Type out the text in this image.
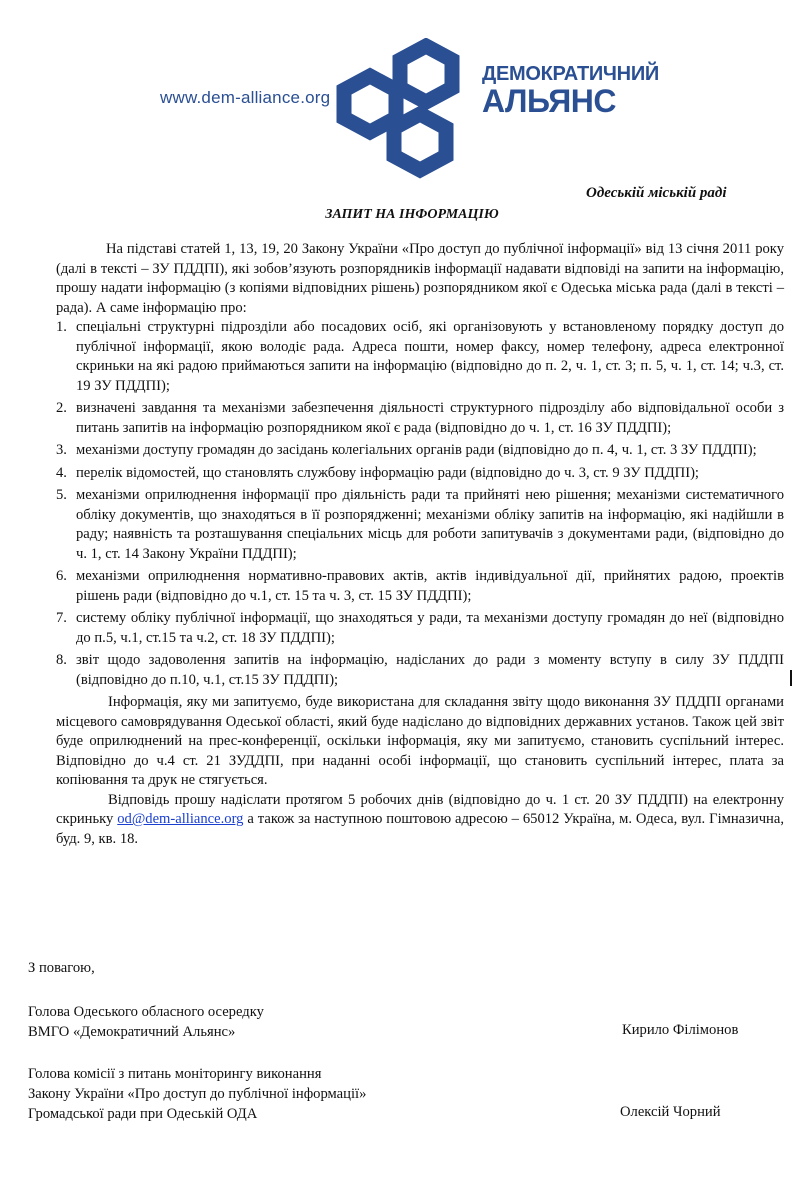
www.dem-alliance.org
ДЕМОКРАТИЧНИЙ
АЛЬЯНС
Одеській міській раді
ЗАПИТ НА ІНФОРМАЦІЮ

На підставі статей 1, 13, 19, 20 Закону України «Про доступ до публічної інформації» від 13 січня 2011 року (далі в тексті – ЗУ ПДДПІ), які зобов’язують розпорядників інформації надавати відповіді на запити на інформацію, прошу надати інформацію (з копіями відповідних рішень) розпорядником якої є Одеська міська рада (далі в тексті – рада). А саме інформацію про:

1. спеціальні структурні підрозділи або посадових осіб, які організовують у встановленому порядку доступ до публічної інформації, якою володіє рада. Адреса пошти, номер факсу, номер телефону, адреса електронної скриньки на які радою приймаються запити на інформацію (відповідно до п. 2, ч. 1, ст. 3; п. 5, ч. 1, ст. 14; ч.3, ст. 19 ЗУ ПДДПІ);
2. визначені завдання та механізми забезпечення діяльності структурного підрозділу або відповідальної особи з питань запитів на інформацію розпорядником якої є рада (відповідно до ч. 1, ст. 16 ЗУ ПДДПІ);
3. механізми доступу громадян до засідань колегіальних органів ради (відповідно до п. 4, ч. 1, ст. 3 ЗУ ПДДПІ);
4. перелік відомостей, що становлять службову інформацію ради (відповідно до ч. 3, ст. 9 ЗУ ПДДПІ);
5. механізми оприлюднення інформації про діяльність ради та прийняті нею рішення; механізми систематичного обліку документів, що знаходяться в її розпорядженні; механізми обліку запитів на інформацію, які надійшли в раду; наявність та розташування спеціальних місць для роботи запитувачів з документами ради, (відповідно до ч. 1, ст. 14 Закону України ПДДПІ);
6. механізми оприлюднення нормативно-правових актів, актів індивідуальної дії, прийнятих радою, проектів рішень ради (відповідно до ч.1, ст. 15 та ч. 3, ст. 15 ЗУ ПДДПІ);
7. систему обліку публічної інформації, що знаходяться у ради, та механізми доступу громадян до неї (відповідно до п.5, ч.1, ст.15 та ч.2, ст. 18 ЗУ ПДДПІ);
8. звіт щодо задоволення запитів на інформацію, надісланих до ради з моменту вступу в силу ЗУ ПДДПІ (відповідно до п.10, ч.1, ст.15 ЗУ ПДДПІ);

Інформація, яку ми запитуємо, буде використана для складання звіту щодо виконання ЗУ ПДДПІ органами місцевого самоврядування Одеської області, який буде надіслано до відповідних державних установ. Також цей звіт буде оприлюднений на прес-конференції, оскільки інформація, яку ми запитуємо, становить суспільний інтерес. Відповідно до ч.4 ст. 21 ЗУДДПІ, при наданні особі інформації, що становить суспільний інтерес, плата за копіювання та друк не стягується.

Відповідь прошу надіслати протягом 5 робочих днів (відповідно до ч. 1 ст. 20 ЗУ ПДДПІ) на електронну скриньку od@dem-alliance.org а також за наступною поштовою адресою – 65012 Україна, м. Одеса, вул. Гімназична, буд. 9, кв. 18.

З повагою,
Голова Одеського обласного осередку
ВМГО «Демократичний Альянс»	Кирило Філімонов
Голова комісії з питань моніторингу виконання
Закону України «Про доступ до публічної інформації»
Громадської ради при Одеській ОДА	Олексій Чорний
